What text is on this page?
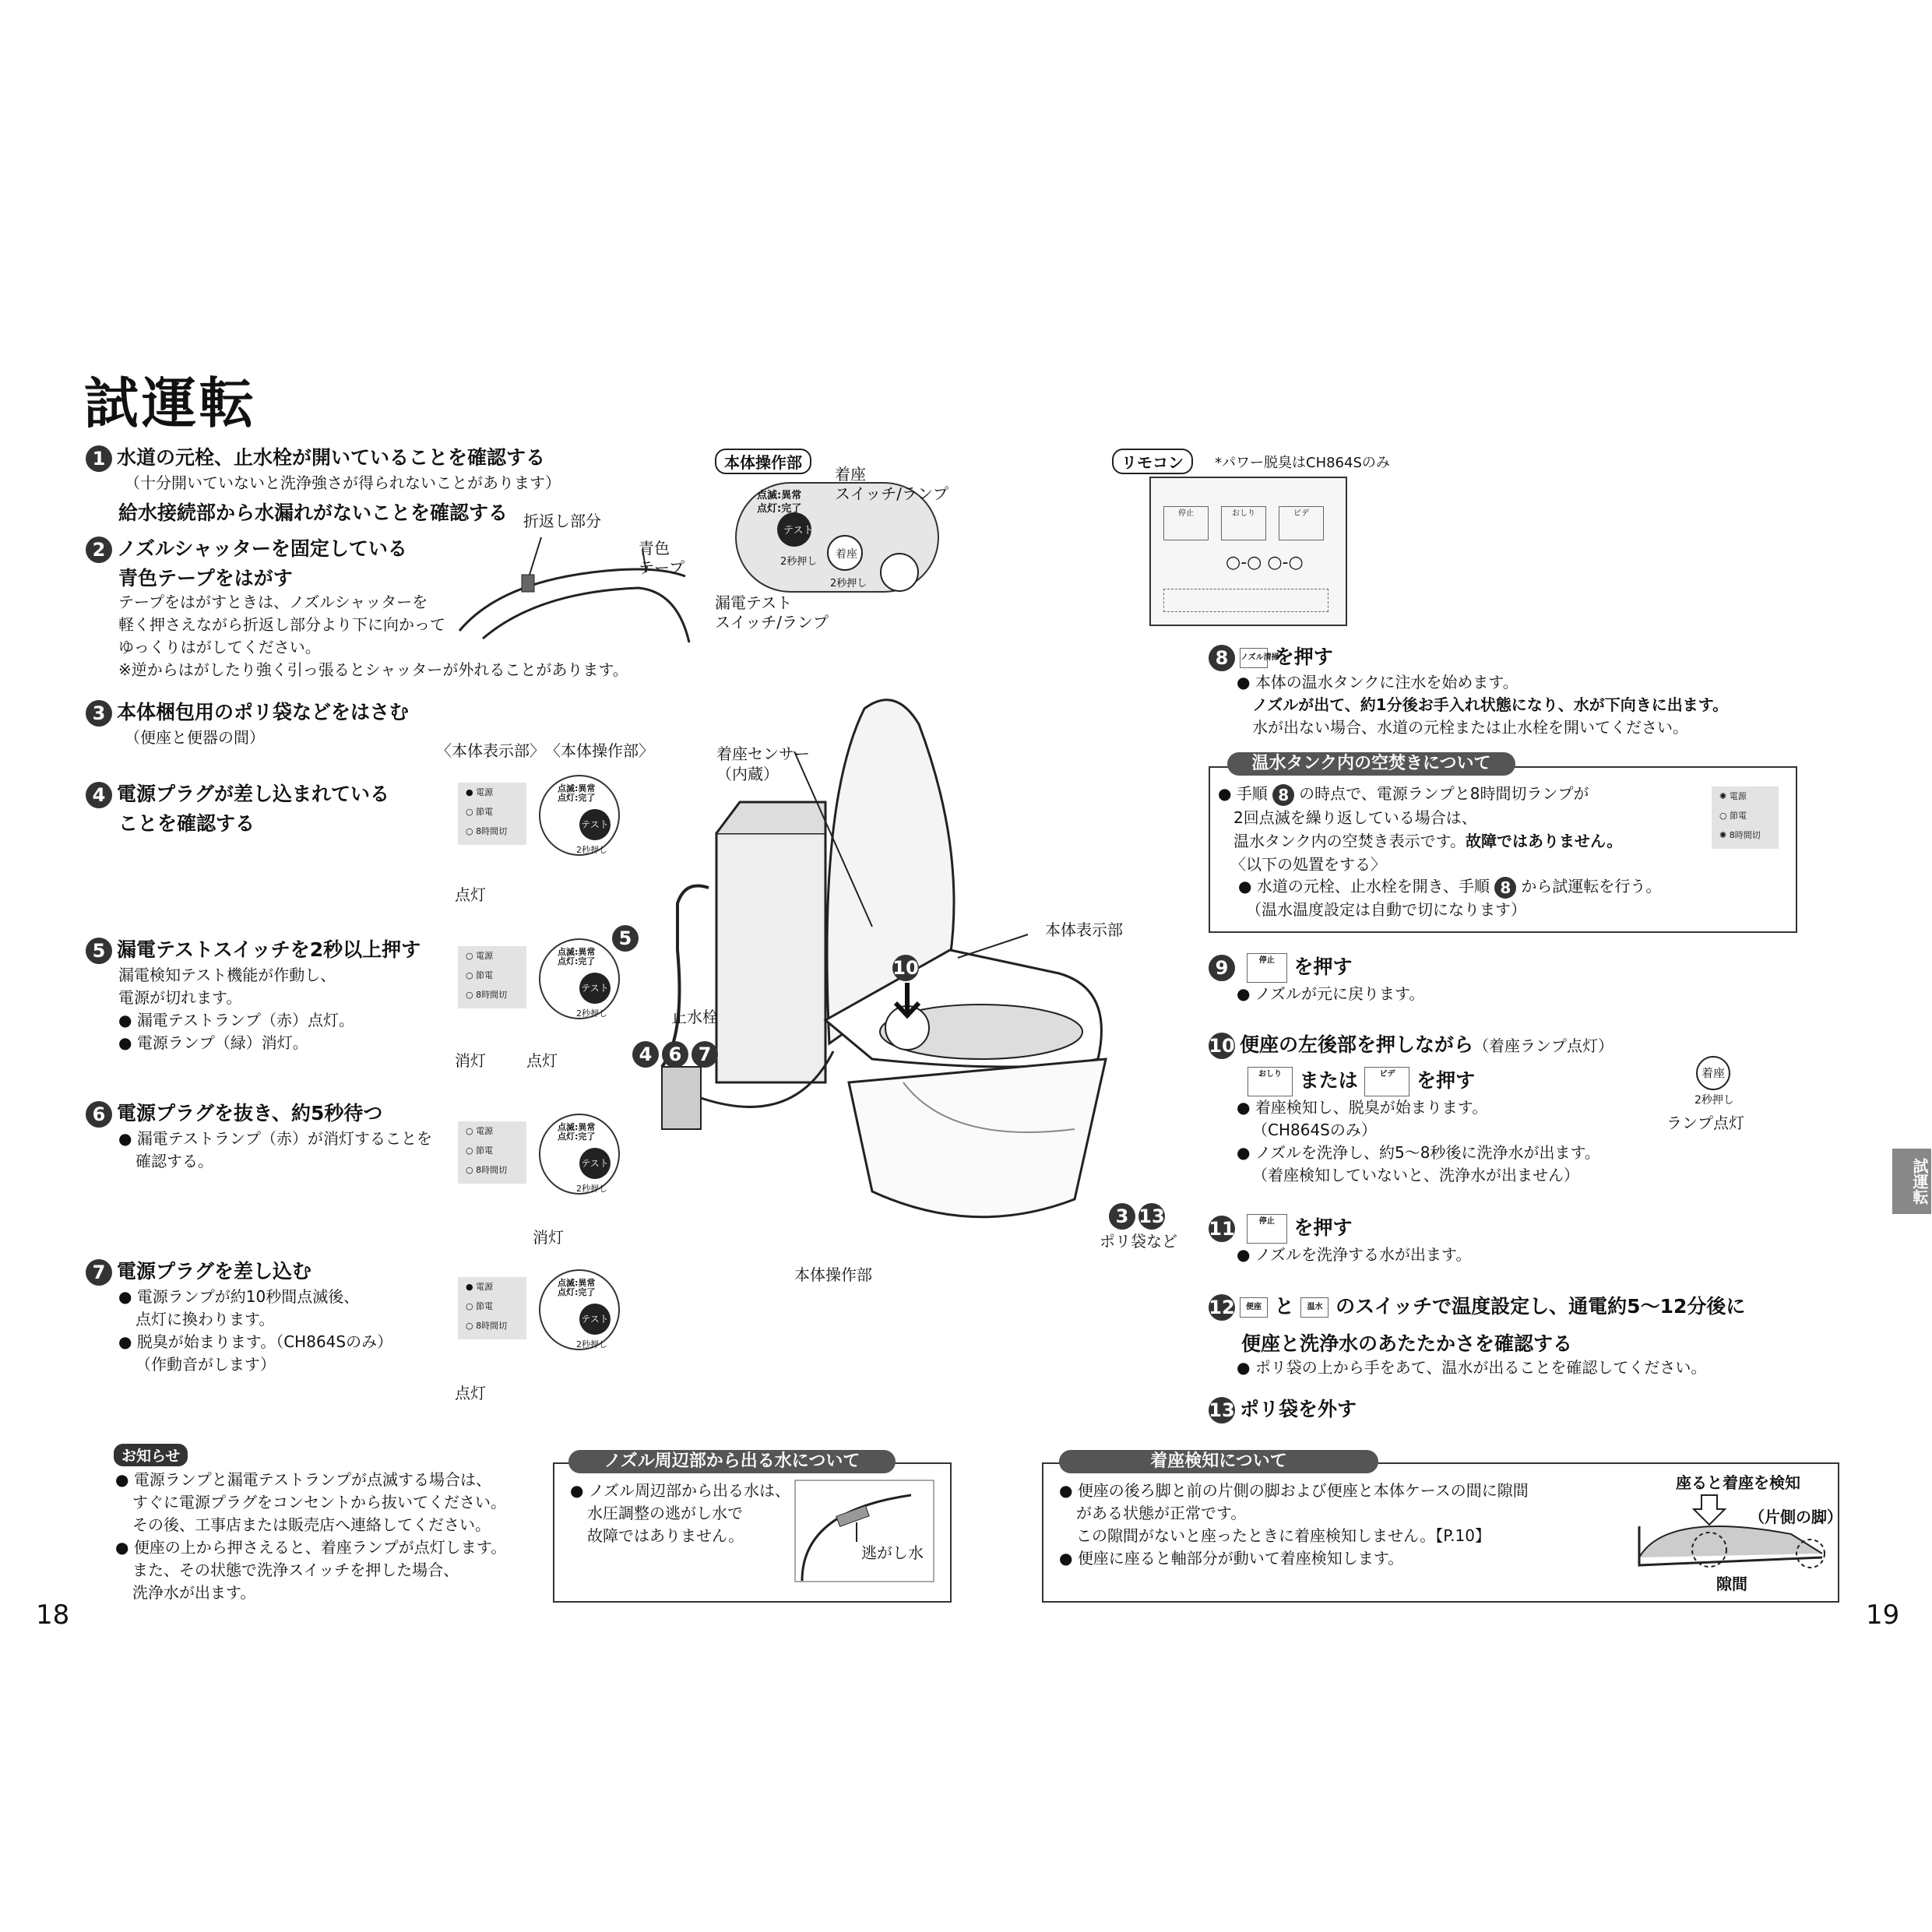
試運転
1 水道の元栓、止水栓が開いていることを確認する
（十分開いていないと洗浄強さが得られないことがあります）
給水接続部から水漏れがないことを確認する
2 ノズルシャッターを固定している
青色テープをはがす
テープをはがすときは、ノズルシャッターを
軽く押さえながら折返し部分より下に向かって
ゆっくりはがしてください。
※逆からはがしたり強く引っ張るとシャッターが外れることがあります。
折返し部分
青色
テープ
3 本体梱包用のポリ袋などをはさむ
（便座と便器の間）
〈本体表示部〉 〈本体操作部〉
4 電源プラグが差し込まれている
ことを確認する
5 漏電テストスイッチを2秒以上押す
漏電検知テスト機能が作動し、
電源が切れます。
● 漏電テストランプ（赤）点灯。
● 電源ランプ（緑）消灯。
6 電源プラグを抜き、約5秒待つ
● 漏電テストランプ（赤）が消灯することを
確認する。
7 電源プラグを差し込む
● 電源ランプが約10秒間点滅後、
点灯に換わります。
● 脱臭が始まります。（CH864Sのみ）
（作動音がします）
● 電源
○ 節電
○ 8時間切
点滅:異常
点灯:完了
テスト
2秒押し
点灯
○ 電源
○ 節電
○ 8時間切
点滅:異常
点灯:完了
テスト
2秒押し
消灯	点灯
○ 電源
○ 節電
○ 8時間切
点滅:異常
点灯:完了
テスト
2秒押し
消灯
● 電源
○ 節電
○ 8時間切
点滅:異常
点灯:完了
テスト
2秒押し
点灯
本体操作部
点滅:異常
点灯:完了
テスト
2秒押し
着座
2秒押し
着座
スイッチ/ランプ
漏電テスト
スイッチ/ランプ
着座センサー
（内蔵）
本体表示部
止水栓
本体操作部
ポリ袋など
10
5
4 6 7
3 13
リモコン	*パワー脱臭はCH864Sのみ
停止	おしり	ビデ
○-○ ○-○
8 ノズル清掃 を押す
● 本体の温水タンクに注水を始めます。
ノズルが出て、約1分後お手入れ状態になり、水が下向きに出ます。
水が出ない場合、水道の元栓または止水栓を開いてください。
温水タンク内の空焚きについて
● 手順 8 の時点で、電源ランプと8時間切ランプが
2回点滅を繰り返している場合は、
温水タンク内の空焚き表示です。故障ではありません。
〈以下の処置をする〉
● 水道の元栓、止水栓を開き、手順 8 から試運転を行う。
（温水温度設定は自動で切になります）
✺ 電源
○ 節電
✺ 8時間切
9	停止 を押す
● ノズルが元に戻ります。
10 便座の左後部を押しながら（着座ランプ点灯）
おしり または	ビデ を押す
● 着座検知し、脱臭が始まります。
（CH864Sのみ）
● ノズルを洗浄し、約5～8秒後に洗浄水が出ます。
（着座検知していないと、洗浄水が出ません）
着座
2秒押し
ランプ点灯
11	停止 を押す
● ノズルを洗浄する水が出ます。
12 便座 と 温水 のスイッチで温度設定し、通電約5～12分後に
便座と洗浄水のあたたかさを確認する
● ポリ袋の上から手をあて、温水が出ることを確認してください。
13 ポリ袋を外す
お知らせ
● 電源ランプと漏電テストランプが点滅する場合は、
すぐに電源プラグをコンセントから抜いてください。
その後、工事店または販売店へ連絡してください。
● 便座の上から押さえると、着座ランプが点灯します。
また、その状態で洗浄スイッチを押した場合、
洗浄水が出ます。
ノズル周辺部から出る水について
● ノズル周辺部から出る水は、
水圧調整の逃がし水で
故障ではありません。
逃がし水
着座検知について
● 便座の後ろ脚と前の片側の脚および便座と本体ケースの間に隙間
がある状態が正常です。
この隙間がないと座ったときに着座検知しません。【P.10】
● 便座に座ると軸部分が動いて着座検知します。
座ると着座を検知
（片側の脚）
隙間
試運転
18	19
